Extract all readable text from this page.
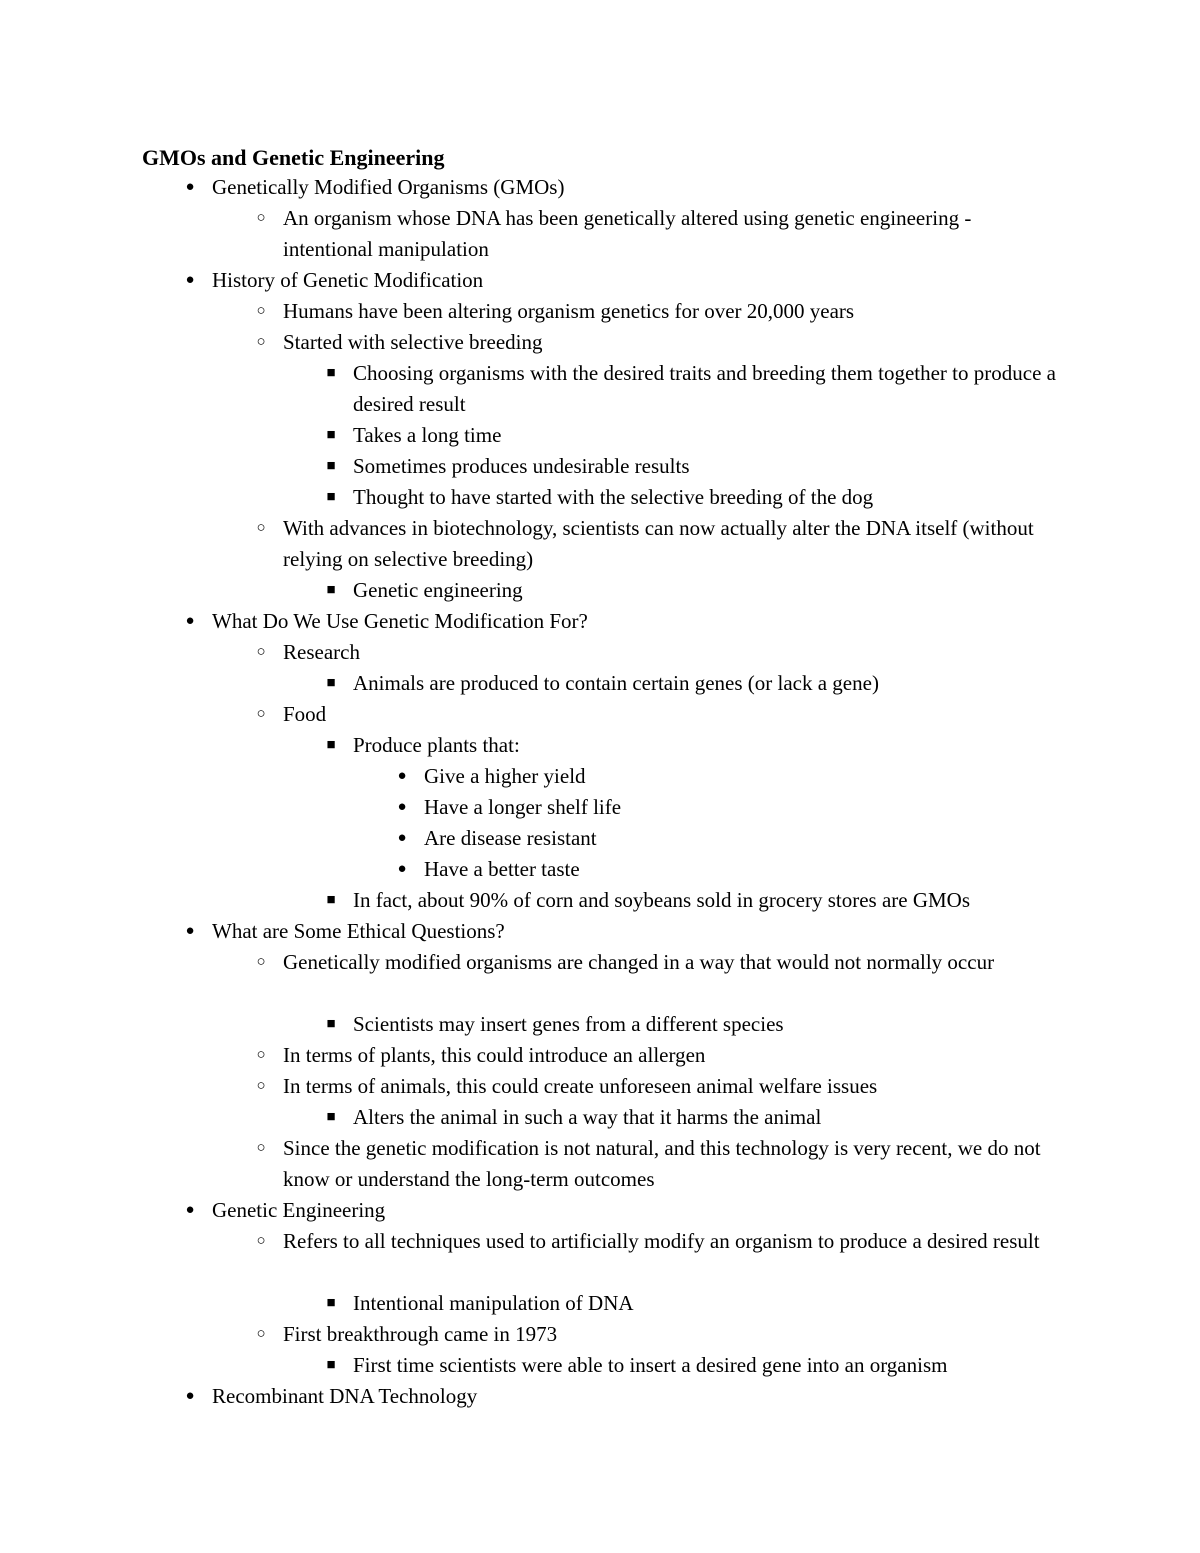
GMOs and Genetic Engineering
● Genetically Modified Organisms (GMOs)
○ An organism whose DNA has been genetically altered using genetic engineering - intentional manipulation
● History of Genetic Modification
○ Humans have been altering organism genetics for over 20,000 years
○ Started with selective breeding
■ Choosing organisms with the desired traits and breeding them together to produce a desired result
■ Takes a long time
■ Sometimes produces undesirable results
■ Thought to have started with the selective breeding of the dog
○ With advances in biotechnology, scientists can now actually alter the DNA itself (without relying on selective breeding)
■ Genetic engineering
● What Do We Use Genetic Modification For?
○ Research
■ Animals are produced to contain certain genes (or lack a gene)
○ Food
■ Produce plants that:
● Give a higher yield
● Have a longer shelf life
● Are disease resistant
● Have a better taste
■ In fact, about 90% of corn and soybeans sold in grocery stores are GMOs
● What are Some Ethical Questions?
○ Genetically modified organisms are changed in a way that would not normally occur
■ Scientists may insert genes from a different species
○ In terms of plants, this could introduce an allergen
○ In terms of animals, this could create unforeseen animal welfare issues
■ Alters the animal in such a way that it harms the animal
○ Since the genetic modification is not natural, and this technology is very recent, we do not know or understand the long-term outcomes
● Genetic Engineering
○ Refers to all techniques used to artificially modify an organism to produce a desired result
■ Intentional manipulation of DNA
○ First breakthrough came in 1973
■ First time scientists were able to insert a desired gene into an organism
● Recombinant DNA Technology
